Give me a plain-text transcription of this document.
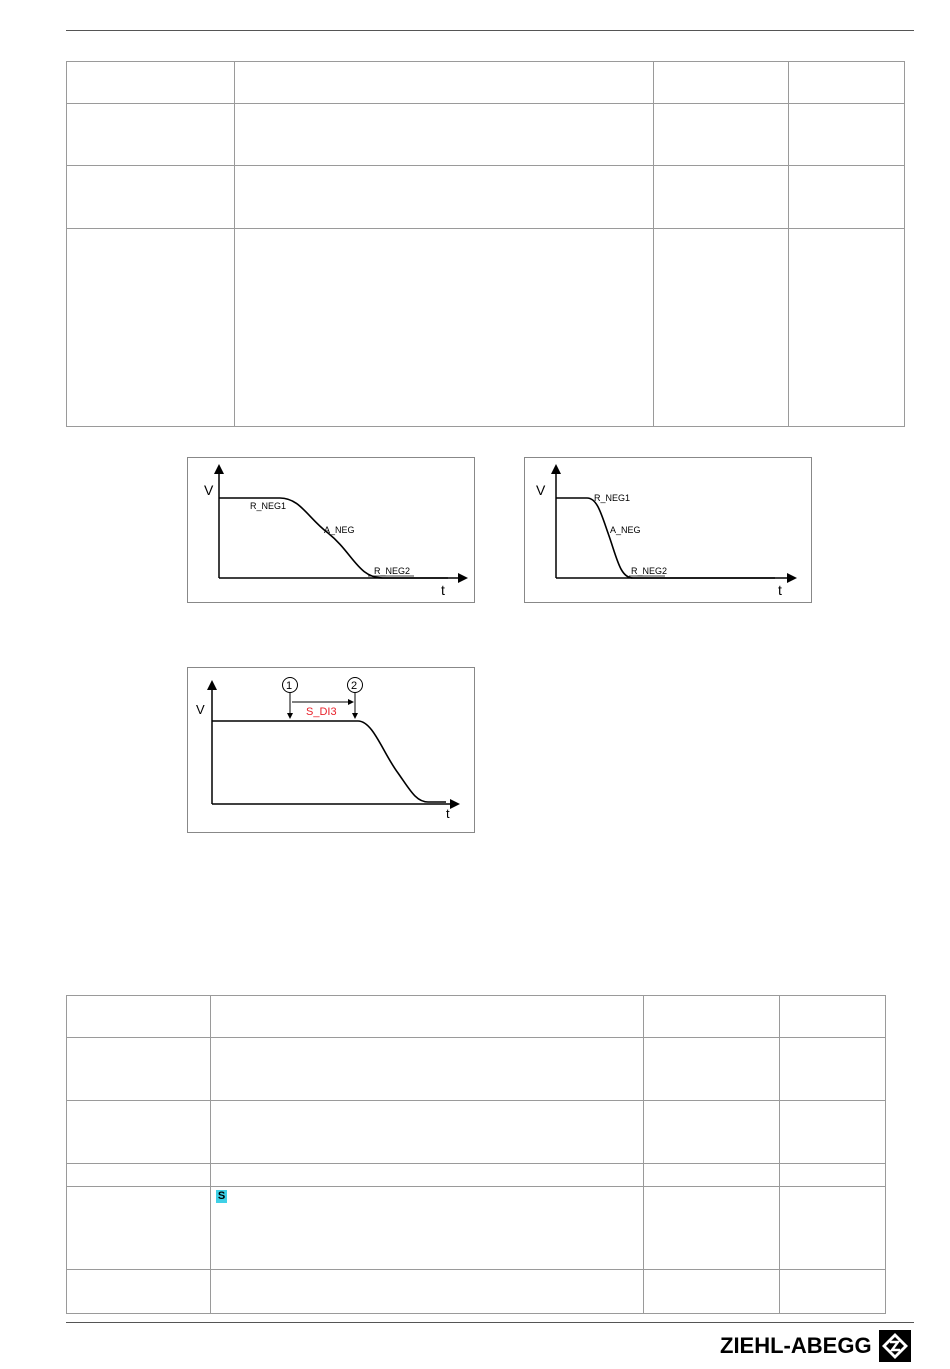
V
t
R_NEG1
A_NEG
R_NEG2
V
t
R_NEG1
A_NEG
R_NEG2
1	2
S_DI3
V
t

	S		

ZIEHL-ABEGG
